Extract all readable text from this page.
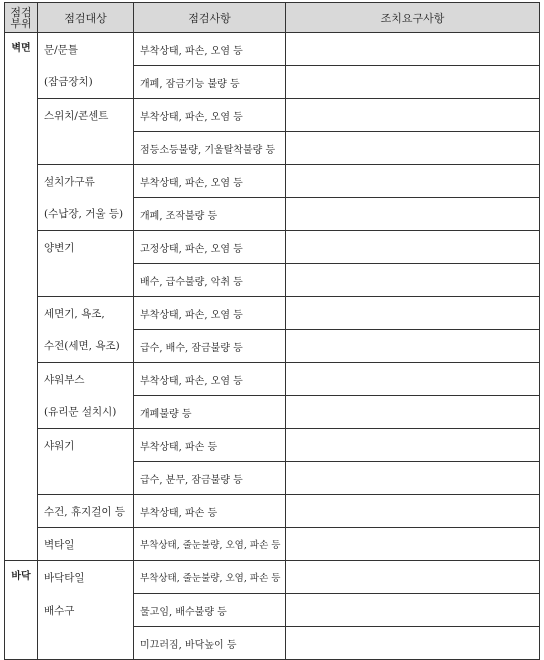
점검
부위	점검대상	점검사항	조치요구사항

벽면	문/문틀	부착상태, 파손, 오염 등	
	(잠금장치)	개폐, 잠금기능 불량 등	
	스위치/콘센트	부착상태, 파손, 오염 등	
		점등소등불량, 기울탈착불량 등	
	설치가구류	부착상태, 파손, 오염 등	
	(수납장, 거울 등)	개폐, 조작불량 등	
	양변기	고정상태, 파손, 오염 등	
		배수, 급수불량, 악취 등	
	세면기, 욕조,	부착상태, 파손, 오염 등	
	수전(세면, 욕조)	급수, 배수, 잠금불량 등	
	샤워부스	부착상태, 파손, 오염 등	
	(유리문 설치시)	개폐불량 등	
	샤워기	부착상태, 파손 등	
		급수, 분무, 잠금불량 등	
	수건, 휴지걸이 등	부착상태, 파손 등	
	벽타일	부착상태, 줄눈불량, 오염, 파손 등	

바닥	바닥타일	부착상태, 줄눈불량, 오염, 파손 등	
	배수구	물고임, 배수불량 등	
		미끄러짐, 바닥높이 등	
